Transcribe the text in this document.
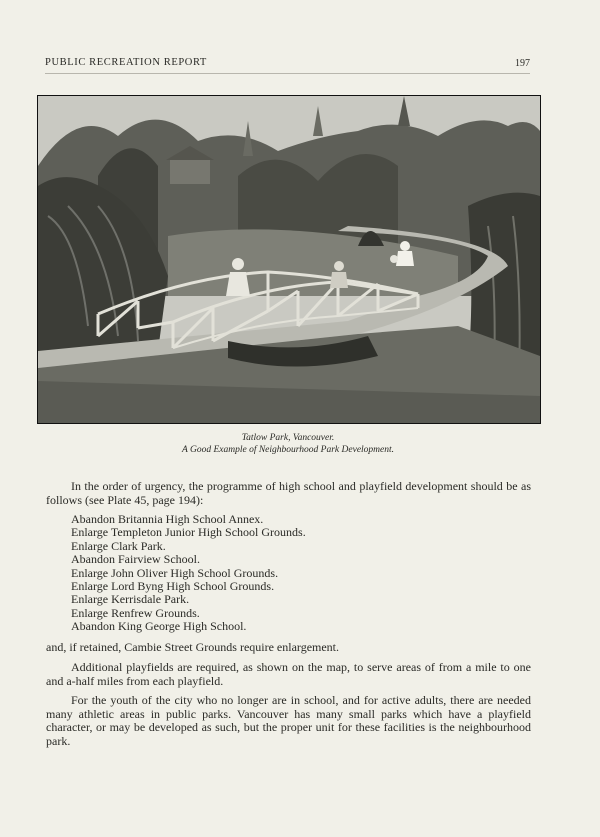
PUBLIC RECREATION REPORT	197
Tatlow Park, Vancouver.
A Good Example of Neighbourhood Park Development.
In the order of urgency, the programme of high school and playfield development should be as follows (see Plate 45, page 194):
Abandon Britannia High School Annex.
Enlarge Templeton Junior High School Grounds.
Enlarge Clark Park.
Abandon Fairview School.
Enlarge John Oliver High School Grounds.
Enlarge Lord Byng High School Grounds.
Enlarge Kerrisdale Park.
Enlarge Renfrew Grounds.
Abandon King George High School.
and, if retained, Cambie Street Grounds require enlargement.
Additional playfields are required, as shown on the map, to serve areas of from a mile to one and a-half miles from each playfield.
For the youth of the city who no longer are in school, and for active adults, there are needed many athletic areas in public parks. Vancouver has many small parks which have a playfield character, or may be developed as such, but the proper unit for these facilities is the neighbourhood park.
